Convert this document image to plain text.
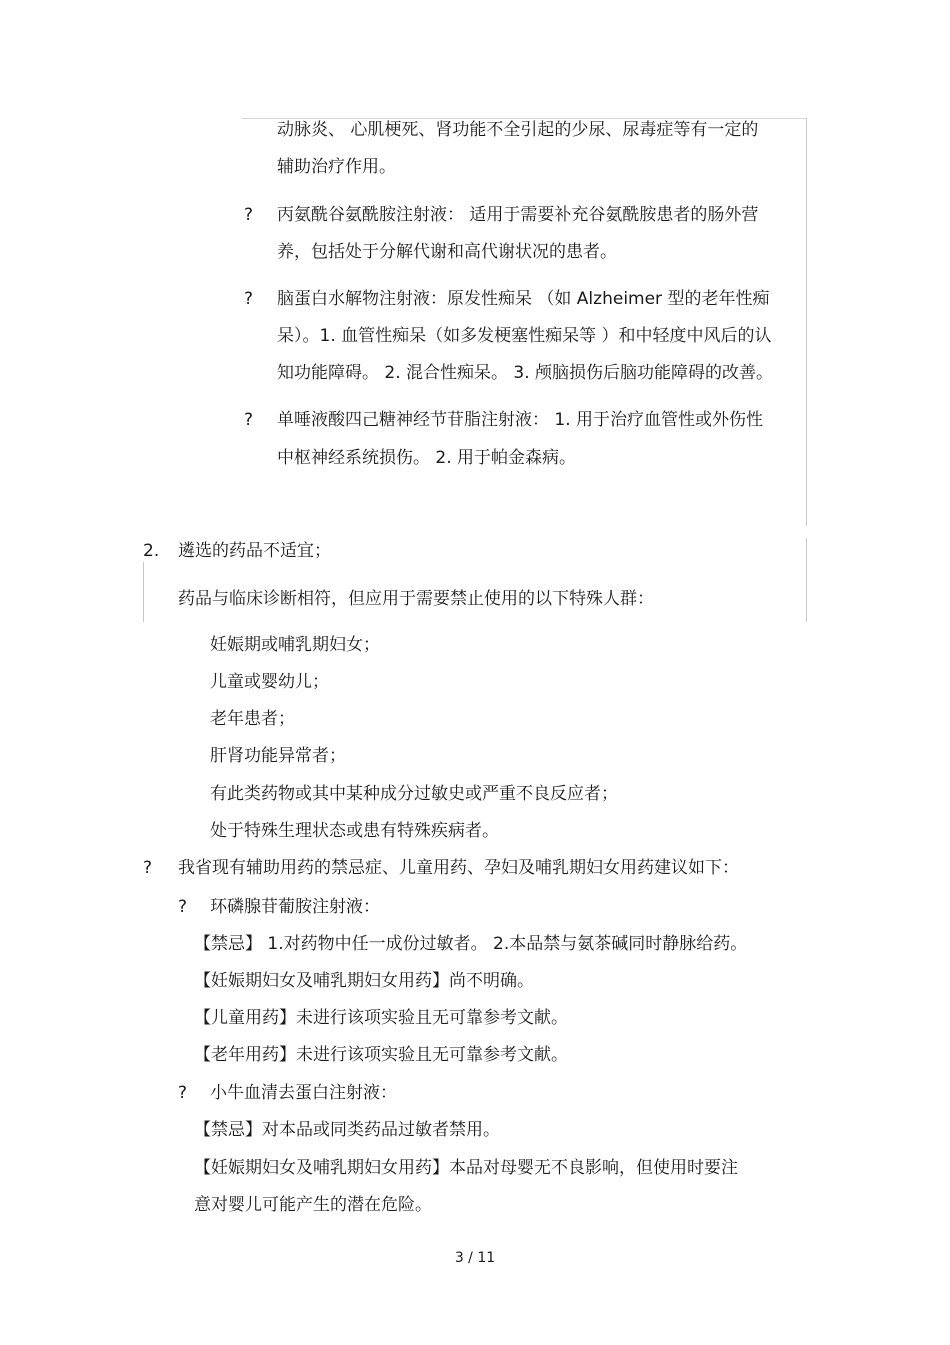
动脉炎、 心肌梗死、肾功能不全引起的少尿、尿毒症等有一定的
辅助治疗作用。
? 丙氨酰谷氨酰胺注射液： 适用于需要补充谷氨酰胺患者的肠外营
养，包括处于分解代谢和高代谢状况的患者。
? 脑蛋白水解物注射液：原发性痴呆 （如 Alzheimer 型的老年性痴
呆）。1. 血管性痴呆（如多发梗塞性痴呆等 ）和中轻度中风后的认
知功能障碍。 2. 混合性痴呆。 3. 颅脑损伤后脑功能障碍的改善。
? 单唾液酸四己糖神经节苷脂注射液： 1. 用于治疗血管性或外伤性
中枢神经系统损伤。 2. 用于帕金森病。
2. 遴选的药品不适宜；
药品与临床诊断相符，但应用于需要禁止使用的以下特殊人群：
妊娠期或哺乳期妇女；
儿童或婴幼儿；
老年患者；
肝肾功能异常者；
有此类药物或其中某种成分过敏史或严重不良反应者；
处于特殊生理状态或患有特殊疾病者。
? 我省现有辅助用药的禁忌症、儿童用药、孕妇及哺乳期妇女用药建议如下：
? 环磷腺苷葡胺注射液：
【禁忌】 1.对药物中任一成份过敏者。 2.本品禁与氨茶碱同时静脉给药。
【妊娠期妇女及哺乳期妇女用药】尚不明确。
【儿童用药】未进行该项实验且无可靠参考文献。
【老年用药】未进行该项实验且无可靠参考文献。
? 小牛血清去蛋白注射液：
【禁忌】对本品或同类药品过敏者禁用。
【妊娠期妇女及哺乳期妇女用药】本品对母婴无不良影响，但使用时要注
意对婴儿可能产生的潜在危险。
3 / 11
